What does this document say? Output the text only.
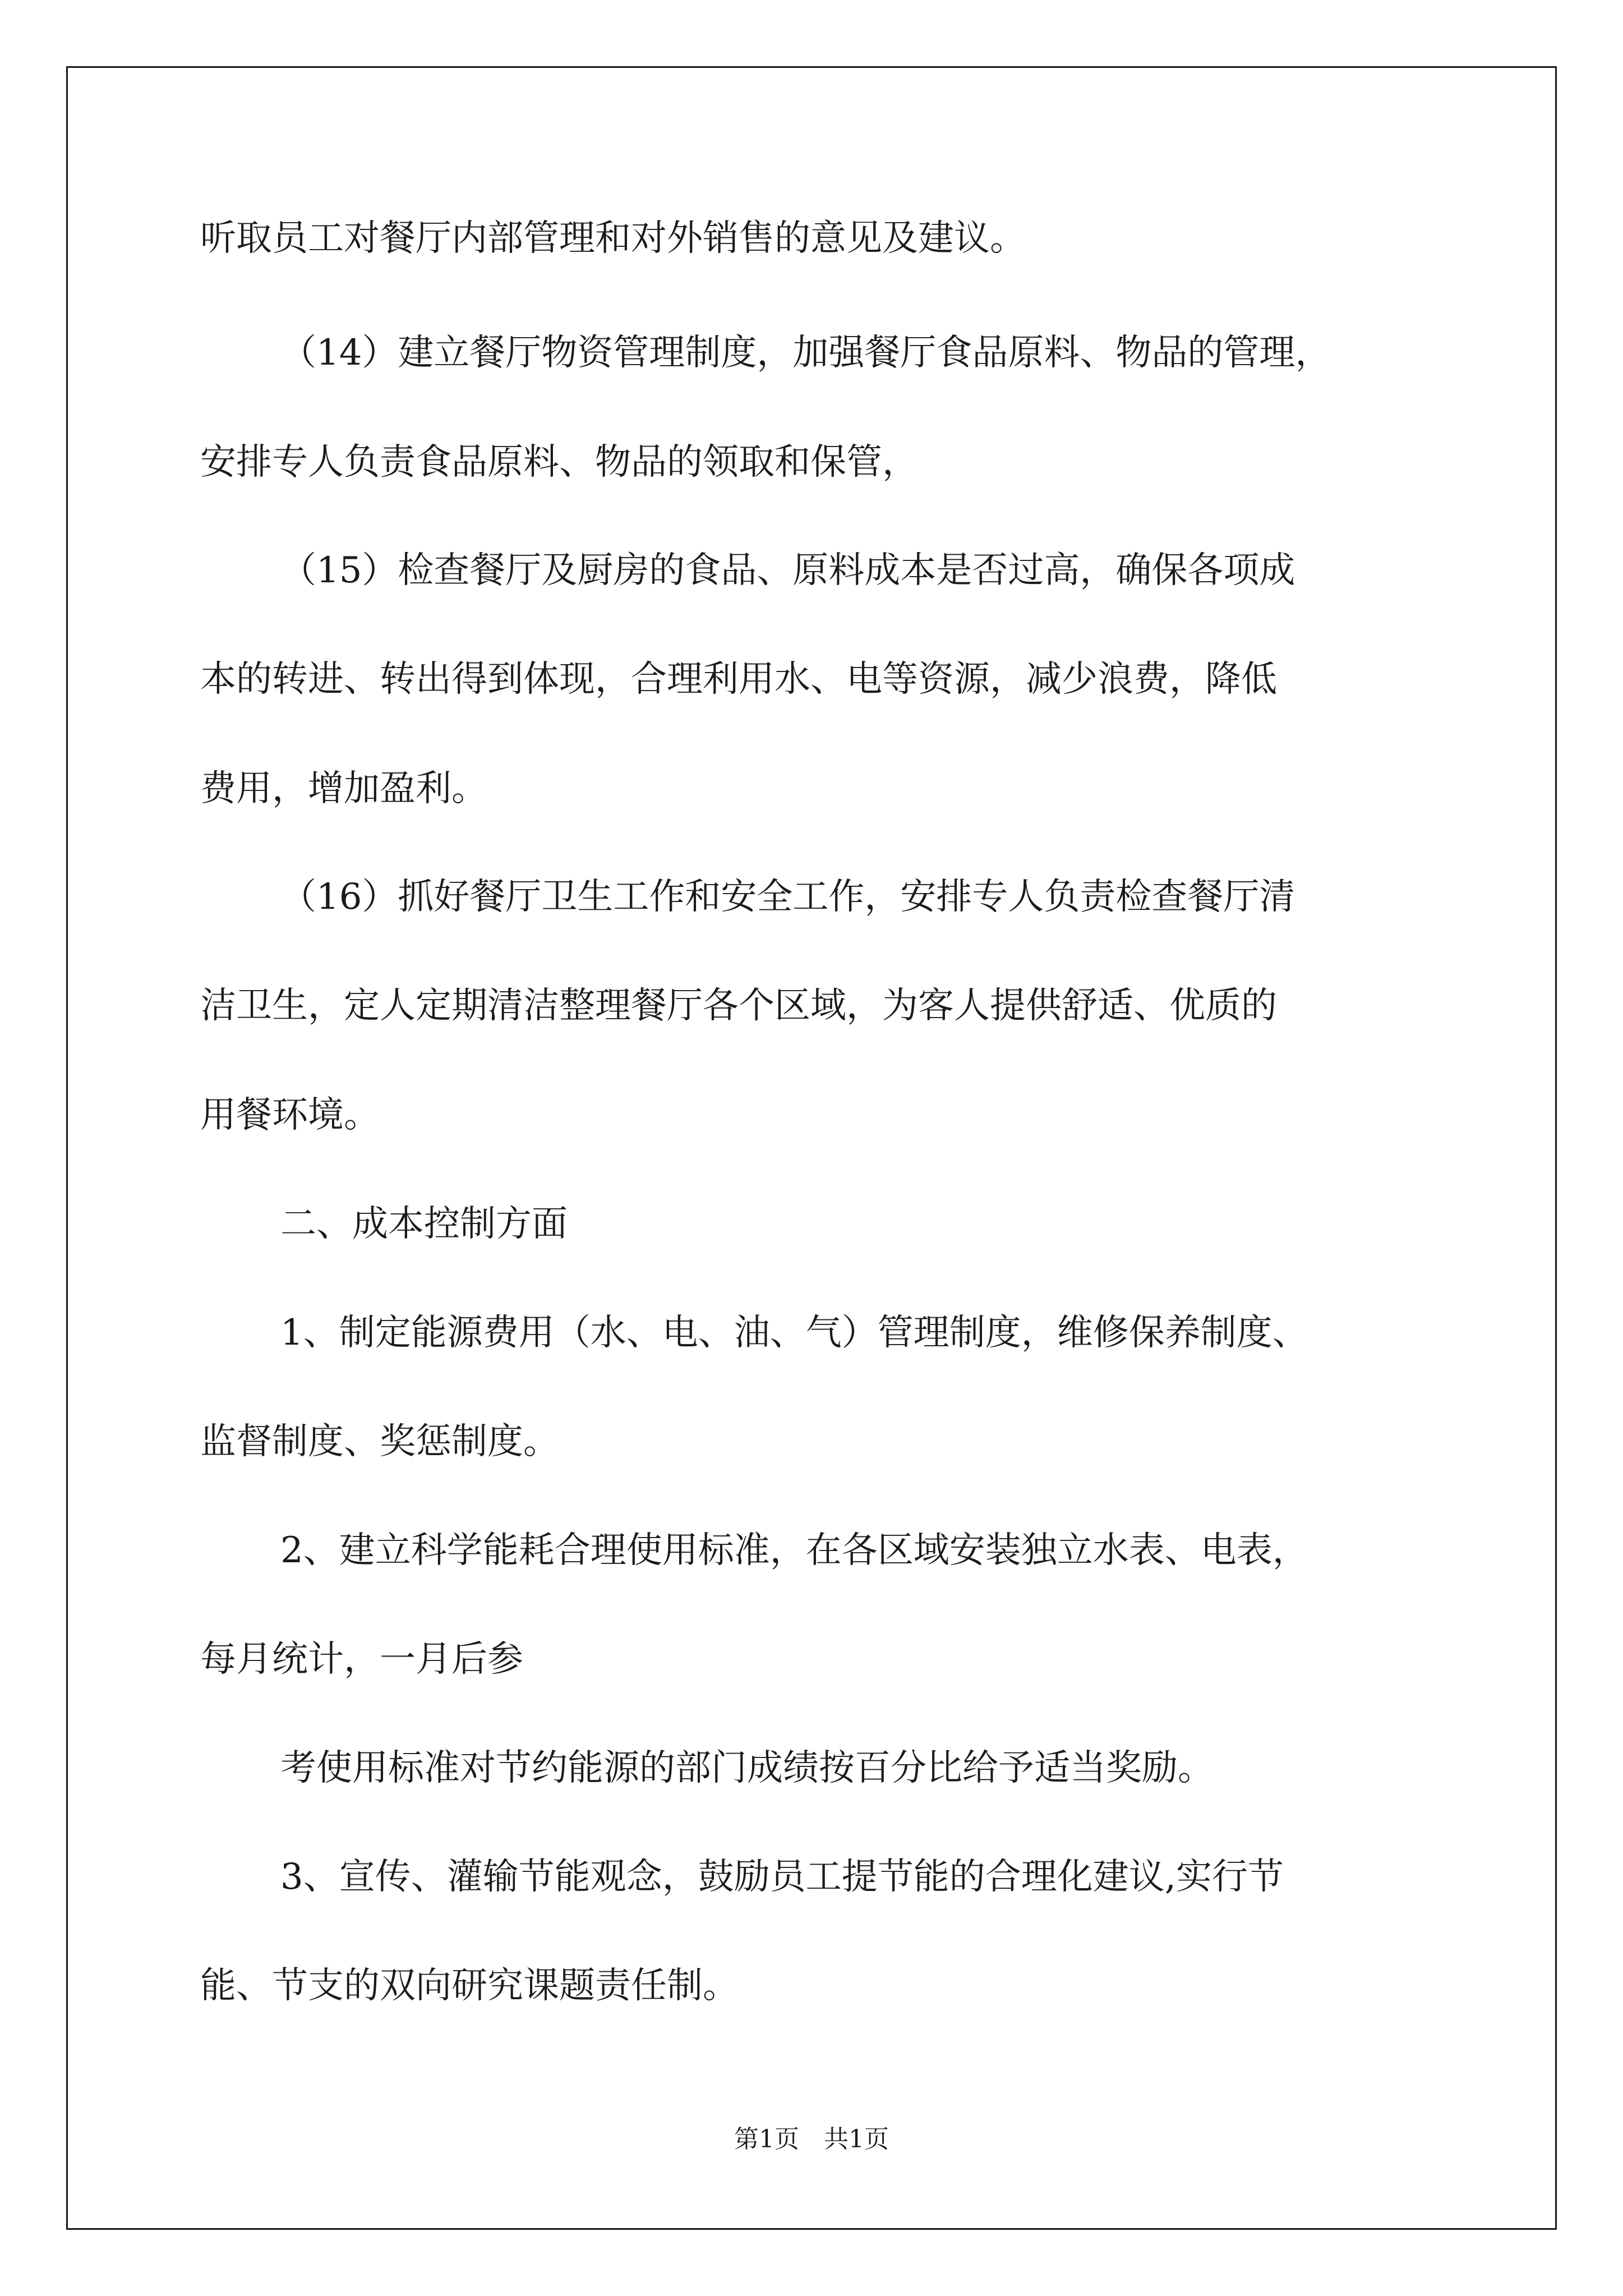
听取员工对餐厅内部管理和对外销售的意见及建议。
（14）建立餐厅物资管理制度，加强餐厅食品原料、物品的管理，
安排专人负责食品原料、物品的领取和保管，
（15）检查餐厅及厨房的食品、原料成本是否过高，确保各项成
本的转进、转出得到体现，合理利用水、电等资源，减少浪费，降低
费用，增加盈利。
（16）抓好餐厅卫生工作和安全工作，安排专人负责检查餐厅清
洁卫生，定人定期清洁整理餐厅各个区域，为客人提供舒适、优质的
用餐环境。
二、成本控制方面
1、制定能源费用（水、电、油、气）管理制度，维修保养制度、
监督制度、奖惩制度。
2、建立科学能耗合理使用标准，在各区域安装独立水表、电表，
每月统计，一月后参
考使用标准对节约能源的部门成绩按百分比给予适当奖励。
3、宣传、灌输节能观念，鼓励员工提节能的合理化建议,实行节
能、节支的双向研究课题责任制。
第1页　共1页
